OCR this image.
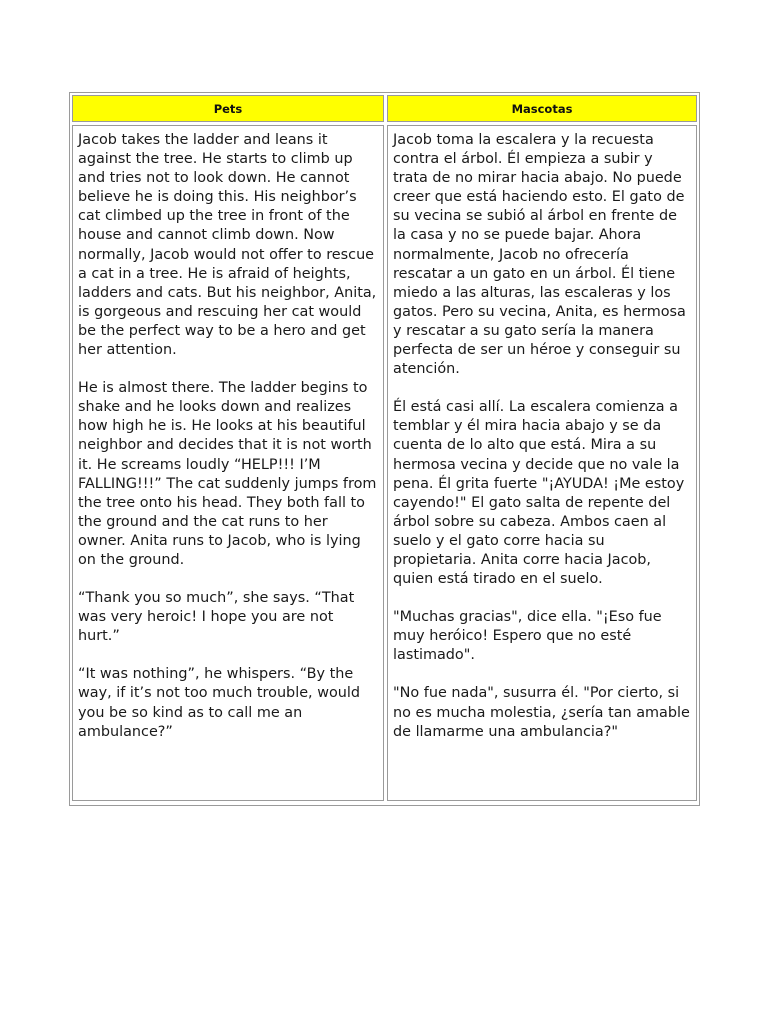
Pets	Mascotas

Jacob takes the ladder and leans it against the tree. He starts to climb up and tries not to look down. He cannot believe he is doing this. His neighbor’s cat climbed up the tree in front of the house and cannot climb down. Now normally, Jacob would not offer to rescue a cat in a tree. He is afraid of heights, ladders and cats. But his neighbor, Anita, is gorgeous and rescuing her cat would be the perfect way to be a hero and get her attention.

He is almost there. The ladder begins to shake and he looks down and realizes how high he is. He looks at his beautiful neighbor and decides that it is not worth it. He screams loudly “HELP!!! I’M FALLING!!!” The cat suddenly jumps from the tree onto his head. They both fall to the ground and the cat runs to her owner. Anita runs to Jacob, who is lying on the ground.

“Thank you so much”, she says. “That was very heroic! I hope you are not hurt.”

“It was nothing”, he whispers. “By the way, if it’s not too much trouble, would you be so kind as to call me an ambulance?”

Jacob toma la escalera y la recuesta contra el árbol. Él empieza a subir y trata de no mirar hacia abajo. No puede creer que está haciendo esto. El gato de su vecina se subió al árbol en frente de la casa y no se puede bajar. Ahora normalmente, Jacob no ofrecería rescatar a un gato en un árbol. Él tiene miedo a las alturas, las escaleras y los gatos. Pero su vecina, Anita, es hermosa y rescatar a su gato sería la manera perfecta de ser un héroe y conseguir su atención.

Él está casi allí. La escalera comienza a temblar y él mira hacia abajo y se da cuenta de lo alto que está. Mira a su hermosa vecina y decide que no vale la pena. Él grita fuerte "¡AYUDA! ¡Me estoy cayendo!" El gato salta de repente del árbol sobre su cabeza. Ambos caen al suelo y el gato corre hacia su propietaria. Anita corre hacia Jacob, quien está tirado en el suelo.

"Muchas gracias", dice ella. "¡Eso fue muy heróico! Espero que no esté lastimado".

"No fue nada", susurra él. "Por cierto, si no es mucha molestia, ¿sería tan amable de llamarme una ambulancia?"
